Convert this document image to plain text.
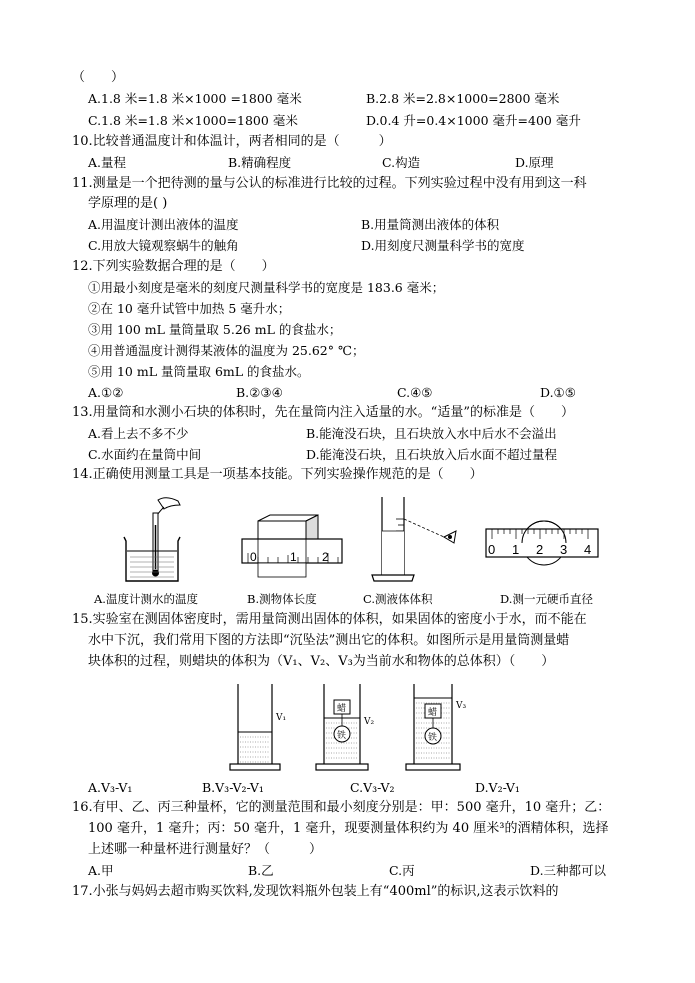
（　　）
A.1.8 米=1.8 米×1000 =1800 毫米	B.2.8 米=2.8×1000=2800 毫米
C.1.8 米=1.8 米×1000=1800 毫米	D.0.4 升=0.4×1000 毫升=400 毫升
10.比较普通温度计和体温计，两者相同的是（　　　）
A.量程	B.精确程度	C.构造	D.原理
11.测量是一个把待测的量与公认的标准进行比较的过程。下列实验过程中没有用到这一科
学原理的是( )
A.用温度计测出液体的温度	B.用量筒测出液体的体积
C.用放大镜观察蜗牛的触角	D.用刻度尺测量科学书的宽度
12.下列实验数据合理的是（　　）
①用最小刻度是毫米的刻度尺测量科学书的宽度是 183.6 毫米；
②在 10 毫升试管中加热 5 毫升水；
③用 100 mL 量筒量取 5.26 mL 的食盐水；
④用普通温度计测得某液体的温度为 25.62° ℃；
⑤用 10 mL 量筒量取 6mL 的食盐水。
A.①②	B.②③④	C.④⑤	D.①⑤
13.用量筒和水测小石块的体积时，先在量筒内注入适量的水。“适量”的标准是（　　）
A.看上去不多不少	B.能淹没石块，且石块放入水中后水不会溢出
C.水面约在量筒中间	D.能淹没石块，且石块放入后水面不超过量程
14.正确使用测量工具是一项基本技能。下列实验操作规范的是（　　）
0	1 2	0 1 2 3 4
A.温度计测水的温度	B.测物体长度	C.测液体体积	D.测一元硬币直径
15.实验室在测固体密度时，需用量筒测出固体的体积，如果固体的密度小于水，而不能在
水中下沉，我们常用下图的方法即“沉坠法”测出它的体积。如图所示是用量筒测量蜡
块体积的过程，则蜡块的体积为（V₁、V₂、V₃为当前水和物体的总体积）（　　）
V₁
蜡
铁
V₂
蜡
铁
V₃
A.V₃-V₁	B.V₃-V₂-V₁	C.V₃-V₂	D.V₂-V₁
16.有甲、乙、丙三种量杯，它的测量范围和最小刻度分别是：甲：500 毫升，10 毫升；乙：
100 毫升，1 毫升；丙：50 毫升，1 毫升，现要测量体积约为 40 厘米³的酒精体积，选择
上述哪一种量杯进行测量好？（　　　）
A.甲	B.乙	C.丙	D.三种都可以
17.小张与妈妈去超市购买饮料,发现饮料瓶外包装上有“400ml”的标识,这表示饮料的
